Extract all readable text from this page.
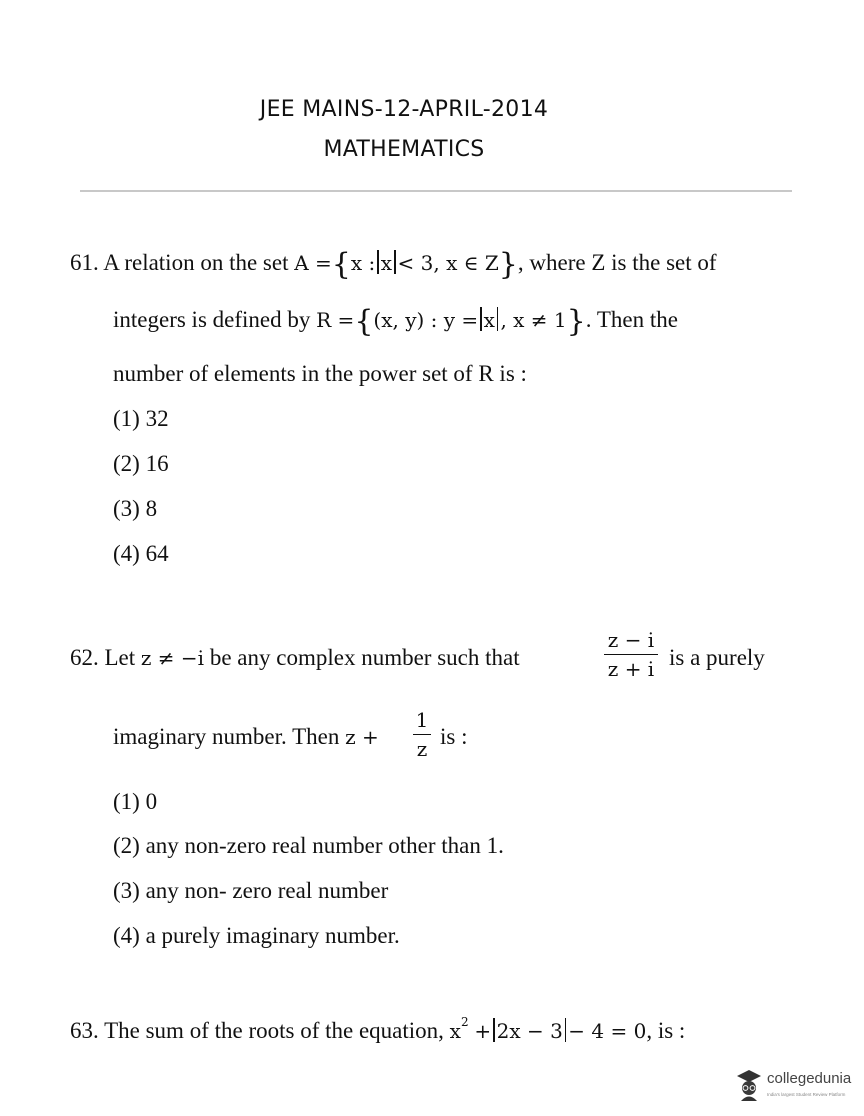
JEE MAINS-12-APRIL-2014
MATHEMATICS
61. A relation on the set A ={x : x < 3, x ∈ Z}, where Z is the set of
integers is defined by R ={(x, y) : y = x , x ≠ 1}. Then the
number of elements in the power set of R is :
(1) 32
(2) 16
(3) 8
(4) 64
62. Let z ≠ −i be any complex number such that
z − i
z + i is a purely
imaginary number. Then z +
1
z
is :
(1) 0
(2) any non-zero real number other than 1.
(3) any non- zero real number
(4) a purely imaginary number.
63. The sum of the roots of the equation, $x^2 + 2x - 3 - 4 = 0$, is :
collegedunia
India's largest Student Review Platform
